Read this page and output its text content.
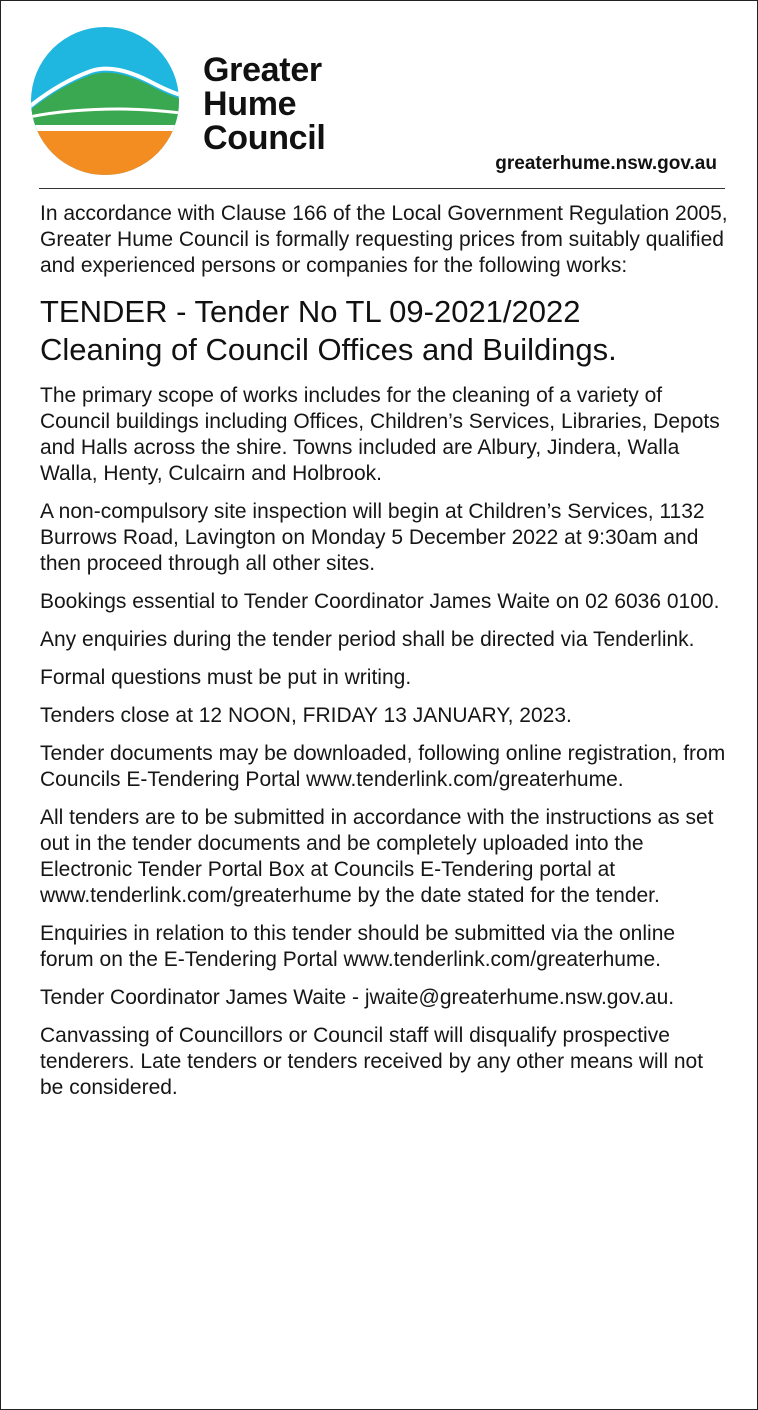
Greater
Hume
Council
greaterhume.nsw.gov.au

In accordance with Clause 166 of the Local Government Regulation 2005, Greater Hume Council is formally requesting prices from suitably qualified and experienced persons or companies for the following works:

TENDER - Tender No TL 09-2021/2022
Cleaning of Council Offices and Buildings.

The primary scope of works includes for the cleaning of a variety of Council buildings including Offices, Children’s Services, Libraries, Depots and Halls across the shire. Towns included are Albury, Jindera, Walla Walla, Henty, Culcairn and Holbrook.

A non-compulsory site inspection will begin at Children’s Services, 1132 Burrows Road, Lavington on Monday 5 December 2022 at 9:30am and then proceed through all other sites.

Bookings essential to Tender Coordinator James Waite on 02 6036 0100.

Any enquiries during the tender period shall be directed via Tenderlink.

Formal questions must be put in writing.

Tenders close at 12 NOON, FRIDAY 13 JANUARY, 2023.

Tender documents may be downloaded, following online registration, from Councils E-Tendering Portal www.tenderlink.com/greaterhume.

All tenders are to be submitted in accordance with the instructions as set out in the tender documents and be completely uploaded into the Electronic Tender Portal Box at Councils E-Tendering portal at www.tenderlink.com/greaterhume by the date stated for the tender.

Enquiries in relation to this tender should be submitted via the online forum on the E-Tendering Portal www.tenderlink.com/greaterhume.

Tender Coordinator James Waite - jwaite@greaterhume.nsw.gov.au.

Canvassing of Councillors or Council staff will disqualify prospective tenderers. Late tenders or tenders received by any other means will not be considered.
